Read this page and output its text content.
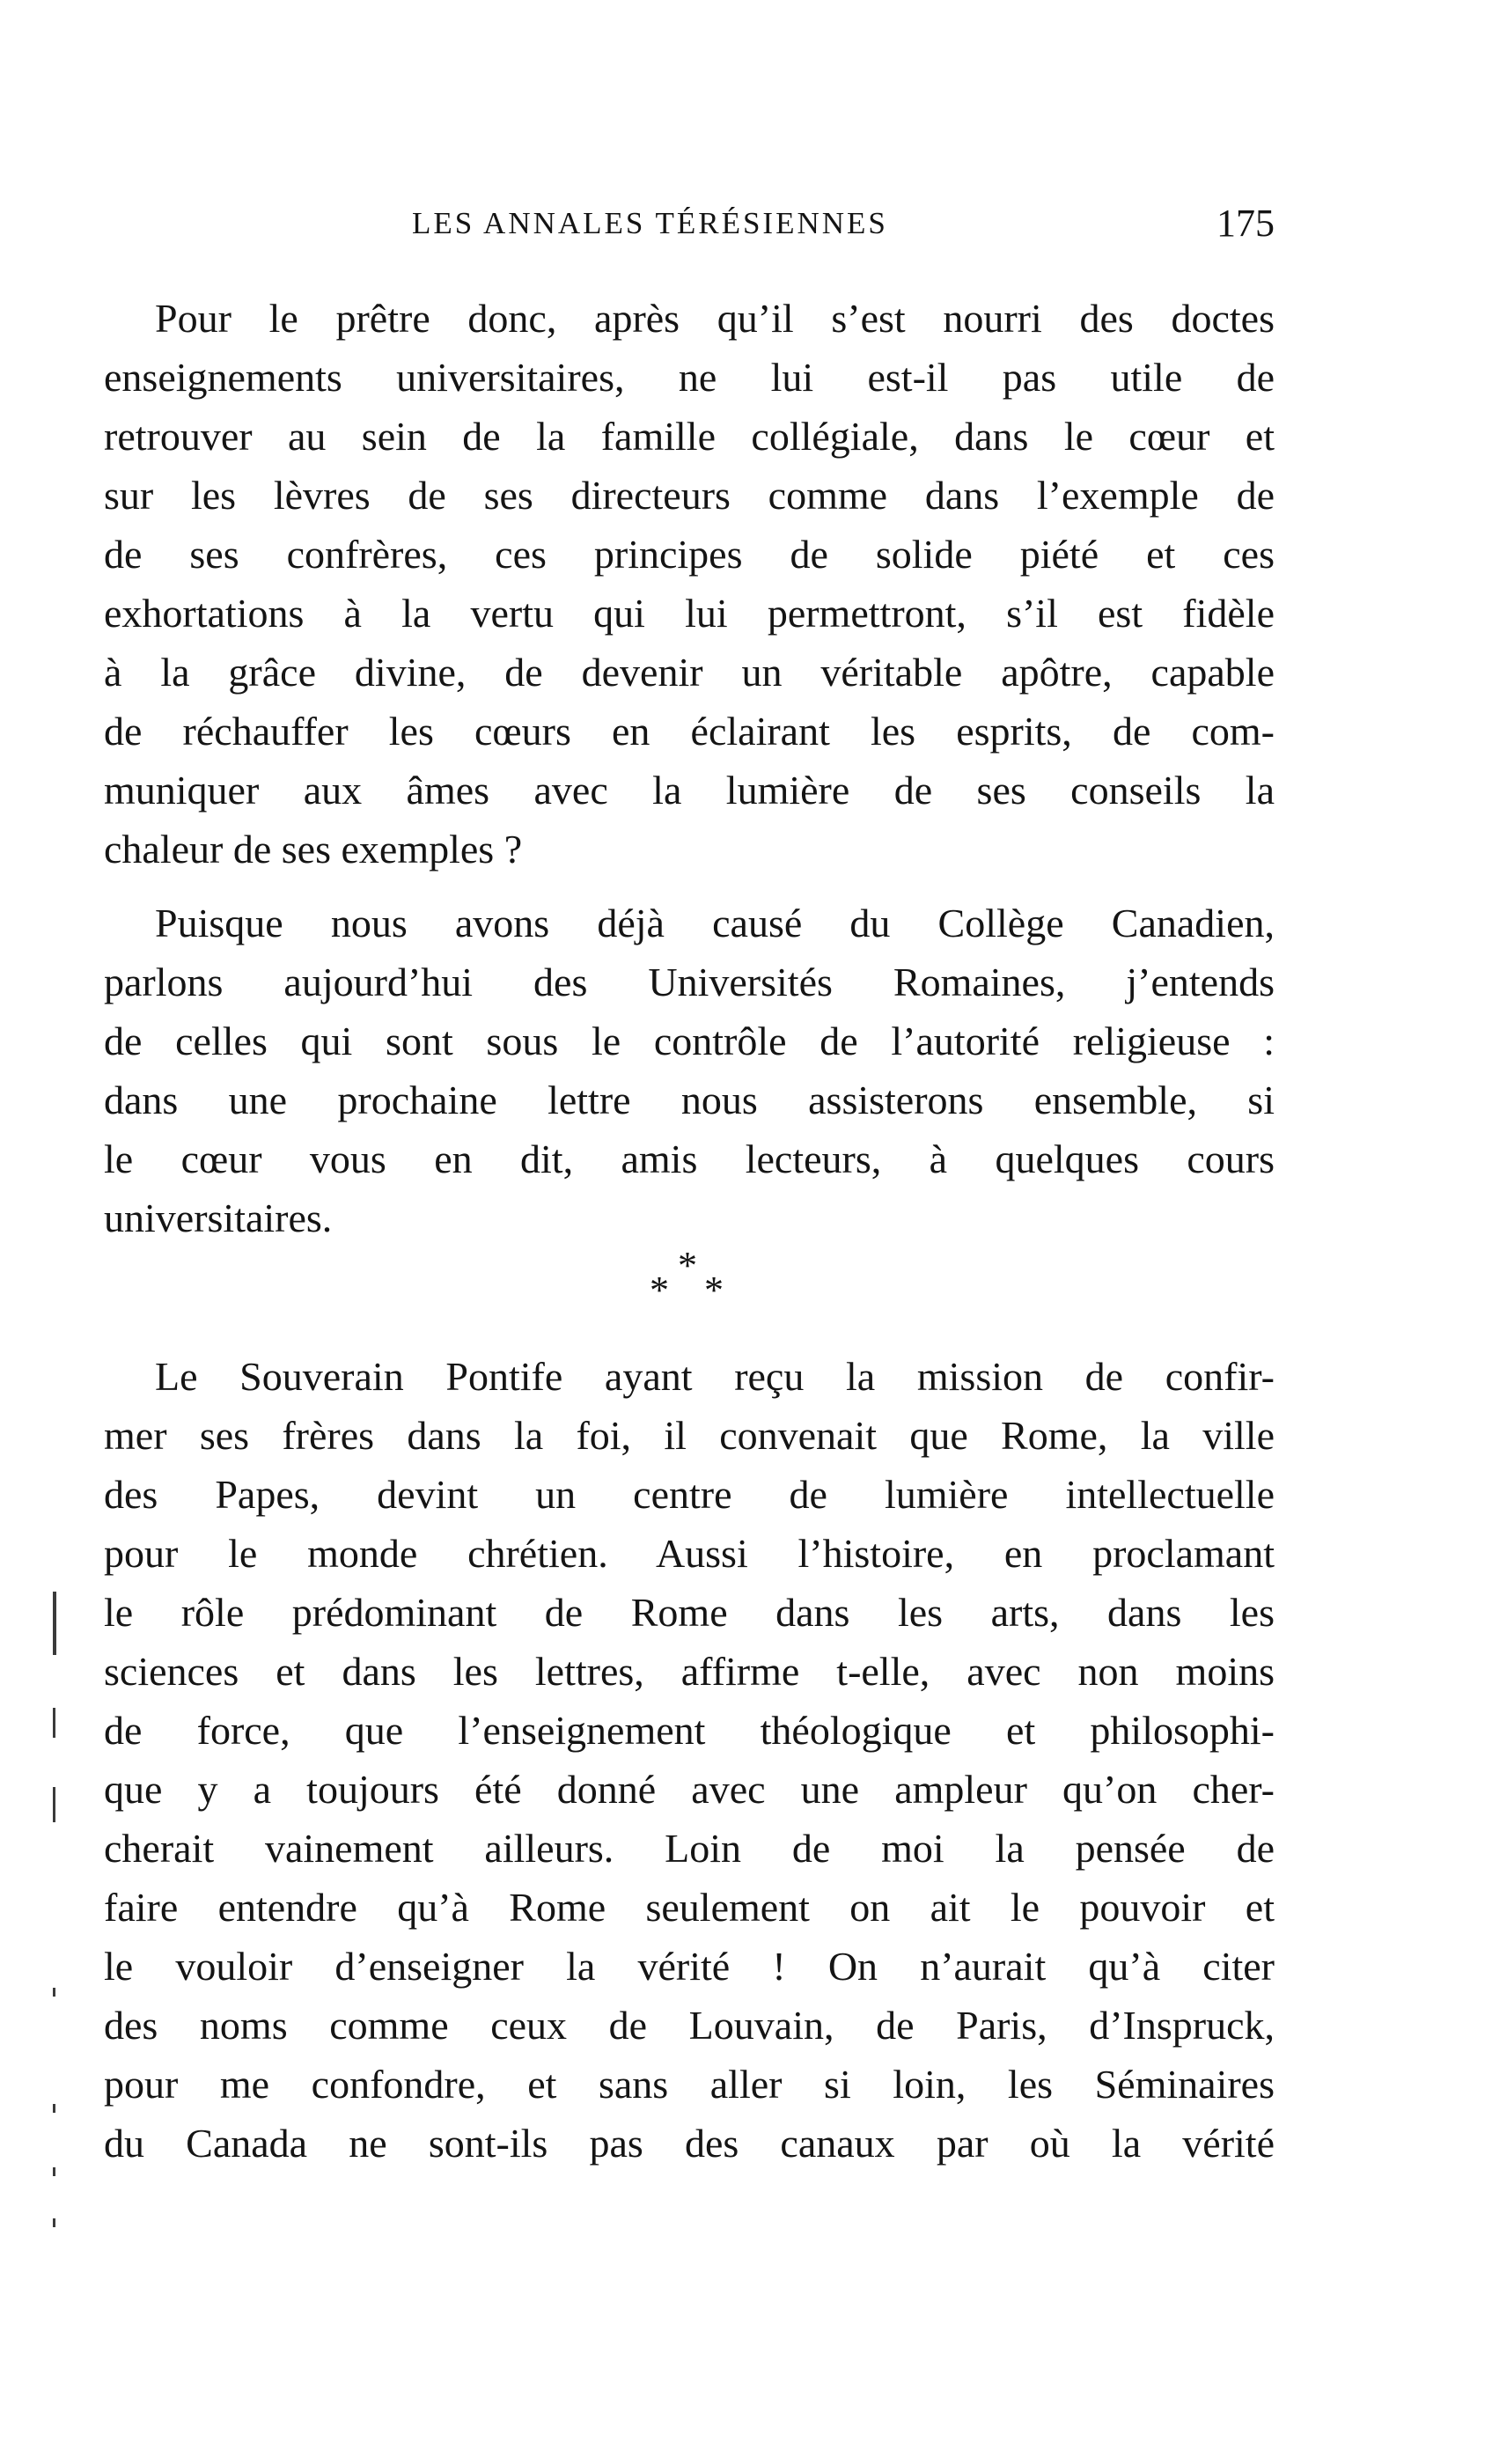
LES ANNALES TÉRÉSIENNES	175
Pour le prêtre donc, après qu’il s’est nourri des doctes
enseignements universitaires, ne lui est-il pas utile de
retrouver au sein de la famille collégiale, dans le cœur et
sur les lèvres de ses directeurs comme dans l’exemple de
de ses confrères, ces principes de solide piété et ces
exhortations à la vertu qui lui permettront, s’il est fidèle
à la grâce divine, de devenir un véritable apôtre, capable
de réchauffer les cœurs en éclairant les esprits, de com-
muniquer aux âmes avec la lumière de ses conseils la
chaleur de ses exemples ?
Puisque nous avons déjà causé du Collège Canadien,
parlons aujourd’hui des Universités Romaines, j’entends
de celles qui sont sous le contrôle de l’autorité religieuse :
dans une prochaine lettre nous assisterons ensemble, si
le cœur vous en dit, amis lecteurs, à quelques cours
universitaires.
*
* *
Le Souverain Pontife ayant reçu la mission de confir-
mer ses frères dans la foi, il convenait que Rome, la ville
des Papes, devint un centre de lumière intellectuelle
pour le monde chrétien. Aussi l’histoire, en proclamant
le rôle prédominant de Rome dans les arts, dans les
sciences et dans les lettres, affirme t-elle, avec non moins
de force, que l’enseignement théologique et philosophi-
que y a toujours été donné avec une ampleur qu’on cher-
cherait vainement ailleurs. Loin de moi la pensée de
faire entendre qu’à Rome seulement on ait le pouvoir et
le vouloir d’enseigner la vérité ! On n’aurait qu’à citer
des noms comme ceux de Louvain, de Paris, d’Inspruck,
pour me confondre, et sans aller si loin, les Séminaires
du Canada ne sont-ils pas des canaux par où la vérité
